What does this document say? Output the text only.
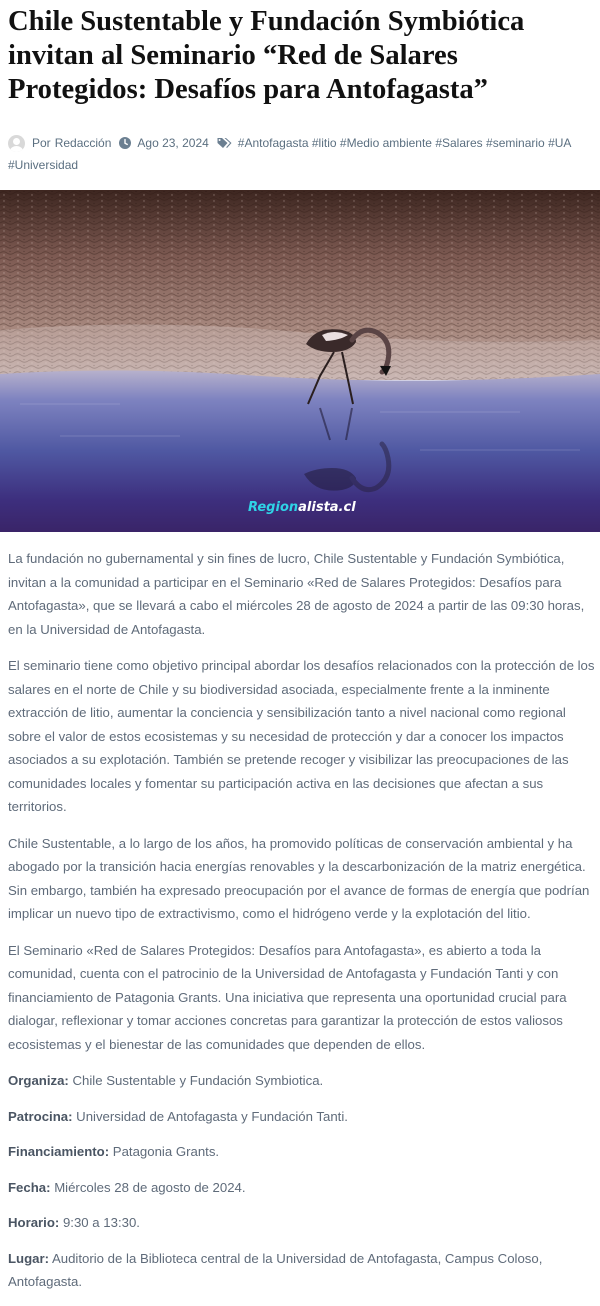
Chile Sustentable y Fundación Symbiótica invitan al Seminario “Red de Salares Protegidos: Desafíos para Antofagasta”
Por Redacción Ago 23, 2024 #Antofagasta #litio #Medio ambiente #Salares #seminario #UA #Universidad
Regionalista.cl

La fundación no gubernamental y sin fines de lucro, Chile Sustentable y Fundación Symbiótica, invitan a la comunidad a participar en el Seminario «Red de Salares Protegidos: Desafíos para Antofagasta», que se llevará a cabo el miércoles 28 de agosto de 2024 a partir de las 09:30 horas, en la Universidad de Antofagasta.

El seminario tiene como objetivo principal abordar los desafíos relacionados con la protección de los salares en el norte de Chile y su biodiversidad asociada, especialmente frente a la inminente extracción de litio, aumentar la conciencia y sensibilización tanto a nivel nacional como regional sobre el valor de estos ecosistemas y su necesidad de protección y dar a conocer los impactos asociados a su explotación. También se pretende recoger y visibilizar las preocupaciones de las comunidades locales y fomentar su participación activa en las decisiones que afectan a sus territorios.

Chile Sustentable, a lo largo de los años, ha promovido políticas de conservación ambiental y ha abogado por la transición hacia energías renovables y la descarbonización de la matriz energética. Sin embargo, también ha expresado preocupación por el avance de formas de energía que podrían implicar un nuevo tipo de extractivismo, como el hidrógeno verde y la explotación del litio.

El Seminario «Red de Salares Protegidos: Desafíos para Antofagasta», es abierto a toda la comunidad, cuenta con el patrocinio de la Universidad de Antofagasta y Fundación Tanti y con financiamiento de Patagonia Grants. Una iniciativa que representa una oportunidad crucial para dialogar, reflexionar y tomar acciones concretas para garantizar la protección de estos valiosos ecosistemas y el bienestar de las comunidades que dependen de ellos.

Organiza: Chile Sustentable y Fundación Symbiotica.

Patrocina: Universidad de Antofagasta y Fundación Tanti.

Financiamiento: Patagonia Grants.

Fecha: Miércoles 28 de agosto de 2024.

Horario: 9:30 a 13:30.

Lugar: Auditorio de la Biblioteca central de la Universidad de Antofagasta, Campus Coloso, Antofagasta.
